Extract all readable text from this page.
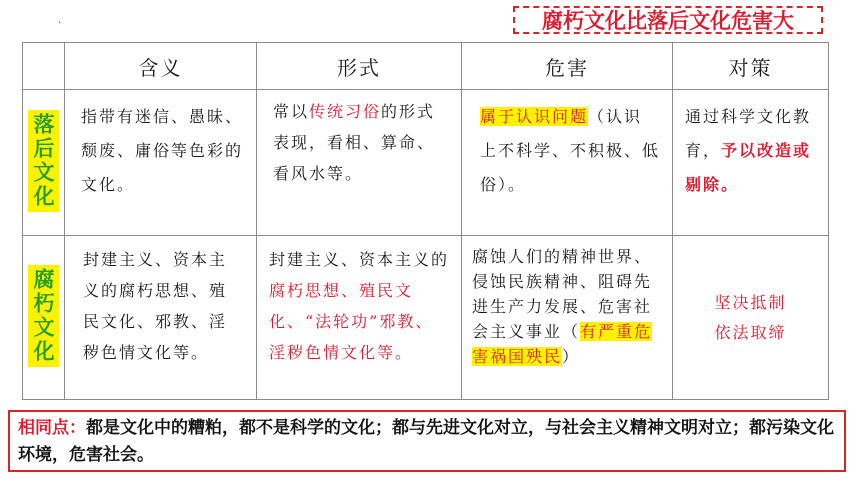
·	腐朽文化比落后文化危害大
	含义	形式	危害	对策
落后文化	指带有迷信、愚昧、颓废、庸俗等色彩的文化。	常以传统习俗的形式表现，看相、算命、看风水等。	属于认识问题（认识上不科学、不积极、低俗）。	通过科学文化教育，予以改造或剔除。

腐朽文化	封建主义、资本主义的腐朽思想、殖民文化、邪教、淫秽色情文化等。	封建主义、资本主义的腐朽思想、殖民文化、“法轮功”邪教、淫秽色情文化等。	腐蚀人们的精神世界、侵蚀民族精神、阻碍先进生产力发展、危害社会主义事业（有严重危害祸国殃民）	坚决抵制
依法取缔
相同点：都是文化中的糟粕，都不是科学的文化；都与先进文化对立，与社会主义精神文明对立；都污染文化环境，危害社会。
